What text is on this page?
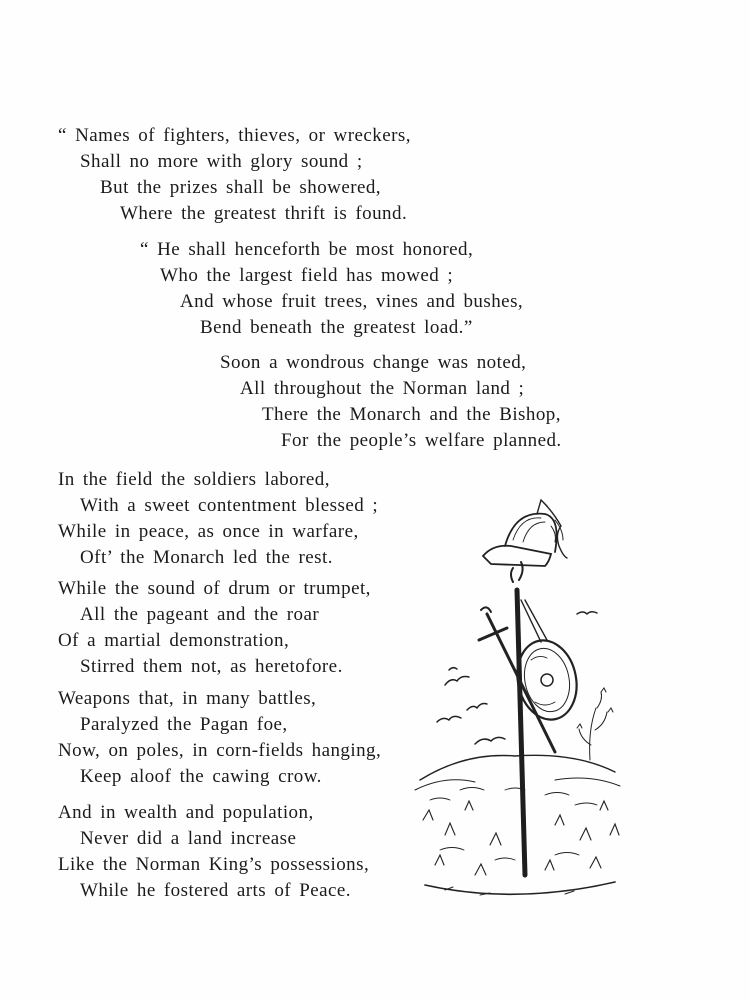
“ Names of fighters, thieves, or wreckers,
Shall no more with glory sound ;
But the prizes shall be showered,
Where the greatest thrift is found.
“ He shall henceforth be most honored,
Who the largest field has mowed ;
And whose fruit trees, vines and bushes,
Bend beneath the greatest load.”
Soon a wondrous change was noted,
All throughout the Norman land ;
There the Monarch and the Bishop,
For the people’s welfare planned.
In the field the soldiers labored,
With a sweet contentment blessed ;
While in peace, as once in warfare,
Oft’ the Monarch led the rest.
While the sound of drum or trumpet,
All the pageant and the roar
Of a martial demonstration,
Stirred them not, as heretofore.
Weapons that, in many battles,
Paralyzed the Pagan foe,
Now, on poles, in corn-fields hanging,
Keep aloof the cawing crow.
And in wealth and population,
Never did a land increase
Like the Norman King’s possessions,
While he fostered arts of Peace.
